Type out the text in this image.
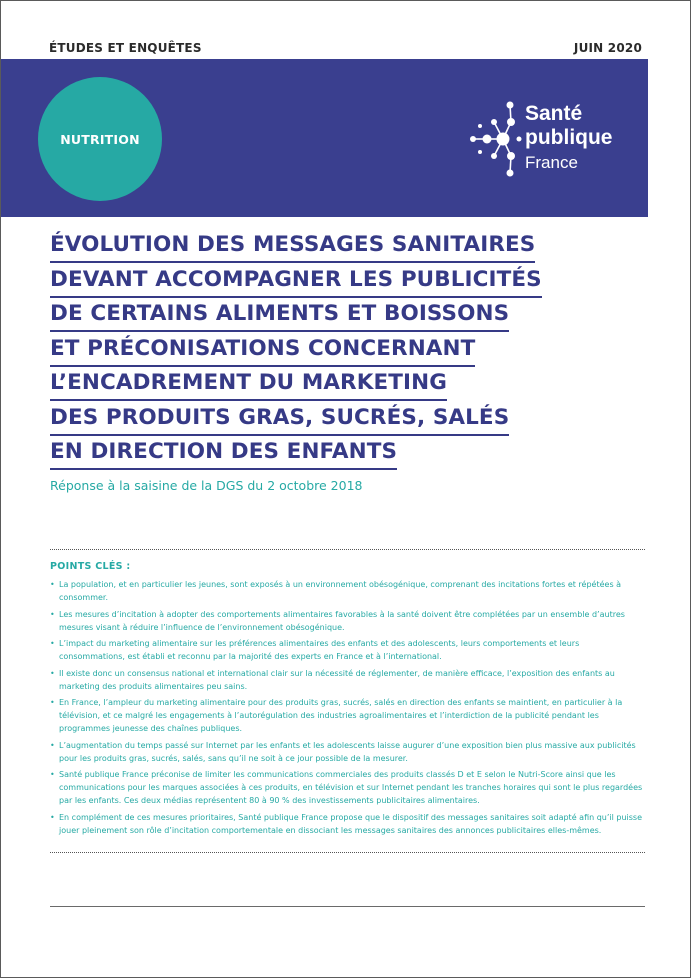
ÉTUDES ET ENQUÊTES	JUIN 2020
NUTRITION
Santé
publique
France
ÉVOLUTION DES MESSAGES SANITAIRES
DEVANT ACCOMPAGNER LES PUBLICITÉS
DE CERTAINS ALIMENTS ET BOISSONS
ET PRÉCONISATIONS CONCERNANT
L’ENCADREMENT DU MARKETING
DES PRODUITS GRAS, SUCRÉS, SALÉS
EN DIRECTION DES ENFANTS
Réponse à la saisine de la DGS du 2 octobre 2018
POINTS CLÉS :
• La population, et en particulier les jeunes, sont exposés à un environnement obésogénique, comprenant des incitations fortes et répétées à consommer.
• Les mesures d’incitation à adopter des comportements alimentaires favorables à la santé doivent être complétées par un ensemble d’autres mesures visant à réduire l’influence de l’environnement obésogénique.
• L’impact du marketing alimentaire sur les préférences alimentaires des enfants et des adolescents, leurs comportements et leurs consommations, est établi et reconnu par la majorité des experts en France et à l’international.
• Il existe donc un consensus national et international clair sur la nécessité de réglementer, de manière efficace, l’exposition des enfants au marketing des produits alimentaires peu sains.
• En France, l’ampleur du marketing alimentaire pour des produits gras, sucrés, salés en direction des enfants se maintient, en particulier à la télévision, et ce malgré les engagements à l’autorégulation des industries agroalimentaires et l’interdiction de la publicité pendant les programmes jeunesse des chaînes publiques.
• L’augmentation du temps passé sur Internet par les enfants et les adolescents laisse augurer d’une exposition bien plus massive aux publicités pour les produits gras, sucrés, salés, sans qu’il ne soit à ce jour possible de la mesurer.
• Santé publique France préconise de limiter les communications commerciales des produits classés D et E selon le Nutri-Score ainsi que les communications pour les marques associées à ces produits, en télévision et sur Internet pendant les tranches horaires qui sont le plus regardées par les enfants. Ces deux médias représentent 80 à 90 % des investissements publicitaires alimentaires.
• En complément de ces mesures prioritaires, Santé publique France propose que le dispositif des messages sanitaires soit adapté afin qu’il puisse jouer pleinement son rôle d’incitation comportementale en dissociant les messages sanitaires des annonces publicitaires elles-mêmes.
